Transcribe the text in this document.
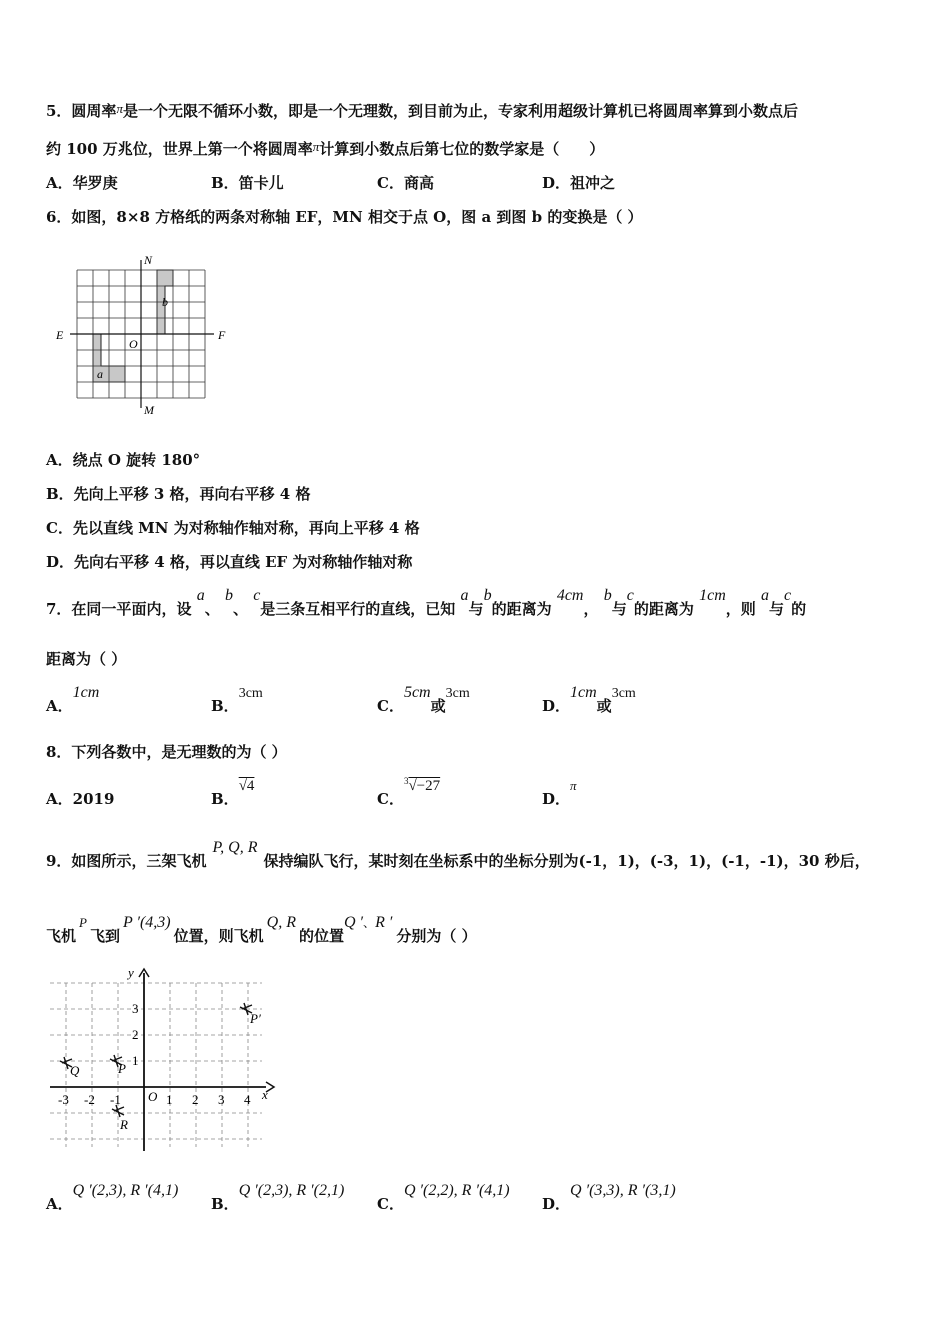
5．圆周率π是一个无限不循环小数，即是一个无理数，到目前为止，专家利用超级计算机已将圆周率算到小数点后
约 100 万兆位，世界上第一个将圆周率π计算到小数点后第七位的数学家是（　　）
A．华罗庚	B．笛卡儿	C．商高	D．祖冲之
6．如图，8×8 方格纸的两条对称轴 EF，MN 相交于点 O，图 a 到图 b 的变换是（ ）
N
M
E	F
O
a
b
A．绕点 O 旋转 180°
B．先向上平移 3 格，再向右平移 4 格
C．先以直线 MN 为对称轴作轴对称，再向上平移 4 格
D．先向右平移 4 格，再以直线 EF 为对称轴作轴对称
7．在同一平面内，设 a、 b、 c是三条互相平行的直线，已知 a与b的距离为 4cm， b与c的距离为 1cm，则 a与c的
距离为（ ）
A．1cm
B．3cm
C．5cm或3cm
D．1cm或3cm
8．下列各数中，是无理数的为（ ）
A．2019	B．√4
C．$^3$√−27
D．π
9．如图所示，三架飞机P, Q, R保持编队飞行，某时刻在坐标系中的坐标分别为(-1，1)，(-3，1)，(-1，-1)，30 秒后，
飞机P飞到P ′(4,3)位置，则飞机Q, R的位置Q ′、R ′分别为（ ）
y
x
O
-3 -2 -1	1 2 3 4
3
2
1
Q	P
R
P′
A．Q ′(2,3), R ′(4,1)
B．Q ′(2,3), R ′(2,1)
C．Q ′(2,2), R ′(4,1)
D．Q ′(3,3), R ′(3,1)
